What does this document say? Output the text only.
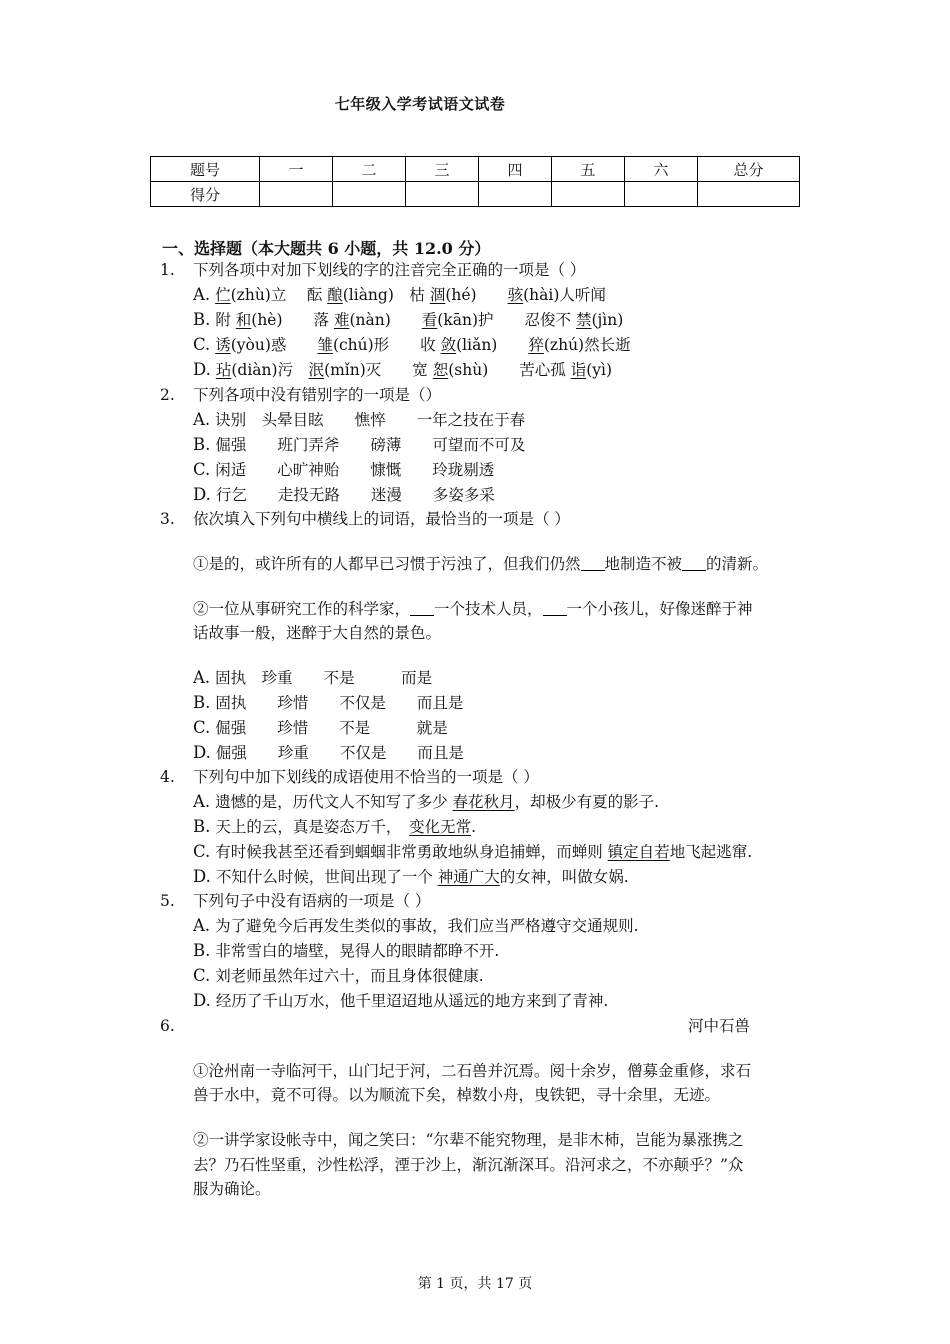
七年级入学考试语文试卷
题号	一	二	三	四	五	六	总分
得分							
一、选择题（本大题共 6 小题，共 12.0 分）
1.	下列各项中对加下划线的字的注音完全正确的一项是（ ）
A. 伫(zhù)立　 酝 酿(liàng)　枯 涸(hé)　　骇(hài)人听闻
B. 附 和(hè)　　落 难(nàn)　　看(kān)护　　忍俊不 禁(jìn)
C. 诱(yòu)惑　　雏(chú)形　　收 敛(liǎn)　　猝(zhú)然长逝
D. 玷(diàn)污　泯(mǐn)灭　　宽 恕(shù)　　苦心孤 诣(yì)
2.	下列各项中没有错别字的一项是（）
A. 诀别　头晕目眩　　憔悴　　一年之技在于春
B. 倔强　　班门弄斧　　磅薄　　可望而不可及
C. 闲适　　心旷神贻　　慷慨　　玲珑剔透
D. 行乞　　走投无路　　迷漫　　多姿多采
3.	依次填入下列句中横线上的词语，最恰当的一项是（ ）
①是的，或许所有的人都早已习惯于污浊了，但我们仍然 地制造不被 的清新。
②一位从事研究工作的科学家， 一个技术人员， 一个小孩儿，好像迷醉于神
话故事一般，迷醉于大自然的景色。
A. 固执　珍重　　不是　　　而是
B. 固执　　珍惜　　不仅是　　而且是
C. 倔强　　珍惜　　不是　　　就是
D. 倔强　　珍重　　不仅是　　而且是
4.	下列句中加下划线的成语使用不恰当的一项是（ ）
A. 遗憾的是，历代文人不知写了多少 春花秋月，却极少有夏的影子.
B. 天上的云，真是姿态万千，　变化无常.
C. 有时候我甚至还看到蝈蝈非常勇敢地纵身追捕蝉，而蝉则 镇定自若地飞起逃窜.
D. 不知什么时候，世间出现了一个 神通广大的女神，叫做女娲.
5.	下列句子中没有语病的一项是（ ）
A. 为了避免今后再发生类似的事故，我们应当严格遵守交通规则.
B. 非常雪白的墙壁，晃得人的眼睛都睁不开.
C. 刘老师虽然年过六十，而且身体很健康.
D. 经历了千山万水，他千里迢迢地从遥远的地方来到了青神.
6.	河中石兽
①沧州南一寺临河干，山门圮于河，二石兽并沉焉。阅十余岁，僧募金重修，求石
兽于水中，竟不可得。以为顺流下矣，棹数小舟，曳铁钯，寻十余里，无迹。
②一讲学家设帐寺中，闻之笑曰：“尔辈不能究物理，是非木杮，岂能为暴涨携之
去？乃石性坚重，沙性松浮，湮于沙上，渐沉渐深耳。沿河求之，不亦颠乎？”众
服为确论。
第 1 页，共 17 页
